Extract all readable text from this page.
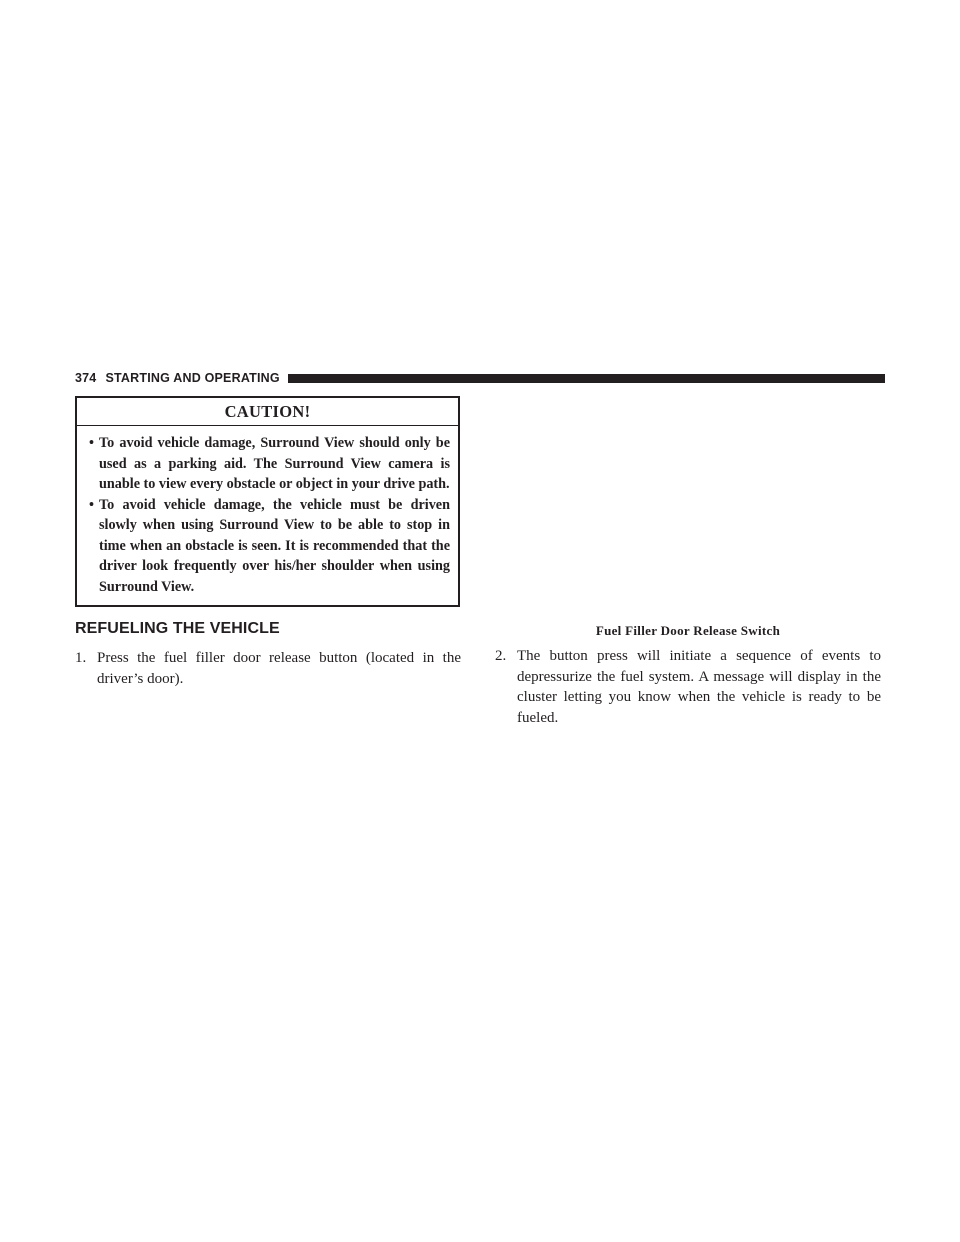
374 STARTING AND OPERATING
CAUTION!
• To avoid vehicle damage, Surround View should only be used as a parking aid. The Surround View camera is unable to view every obstacle or object in your drive path.
• To avoid vehicle damage, the vehicle must be driven slowly when using Surround View to be able to stop in time when an obstacle is seen. It is recommended that the driver look frequently over his/her shoulder when using Surround View.
REFUELING THE VEHICLE
1. Press the fuel filler door release button (located in the driver’s door).
Fuel Filler Door Release Switch
2. The button press will initiate a sequence of events to depressurize the fuel system. A message will display in the cluster letting you know when the vehicle is ready to be fueled.
